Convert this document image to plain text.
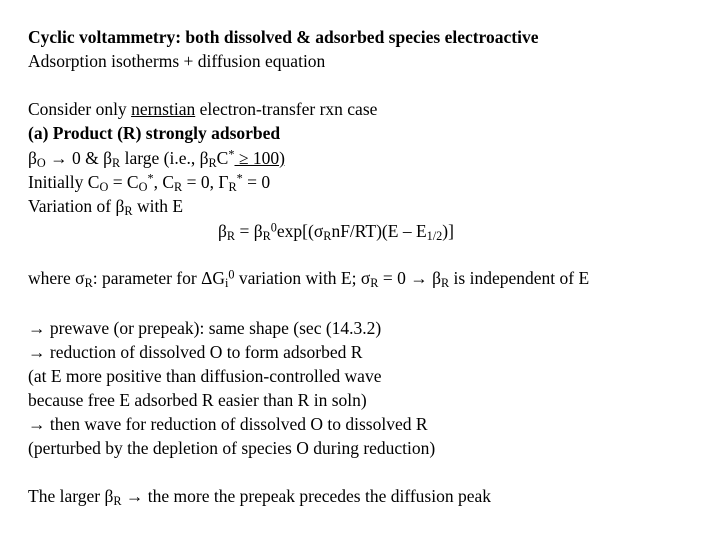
Cyclic voltammetry: both dissolved & adsorbed species electroactive
Adsorption isotherms + diffusion equation
Consider only nernstian electron-transfer rxn case
(a) Product (R) strongly adsorbed
$\beta_O \to 0$ & $\beta_R$ large (i.e., $\beta_RC^* \ge 100$)
Initially $C_O = C_O^*$, $C_R = 0$, $\Gamma_R^* = 0$
Variation of $\beta_R$ with E
$\beta_R = \beta_R^0\exp[(\sigma_RnF/RT)(E - E_{1/2})]$
where $\sigma_R$: parameter for $\Delta G_i^0$ variation with E; $\sigma_R = 0 \to \beta_R$ is independent of E
→ prewave (or prepeak): same shape (sec (14.3.2)
→ reduction of dissolved O to form adsorbed R
(at E more positive than diffusion-controlled wave
because free E adsorbed R easier than R in soln)
→ then wave for reduction of dissolved O to dissolved R
(perturbed by the depletion of species O during reduction)
The larger $\beta_R$ → the more the prepeak precedes the diffusion peak
